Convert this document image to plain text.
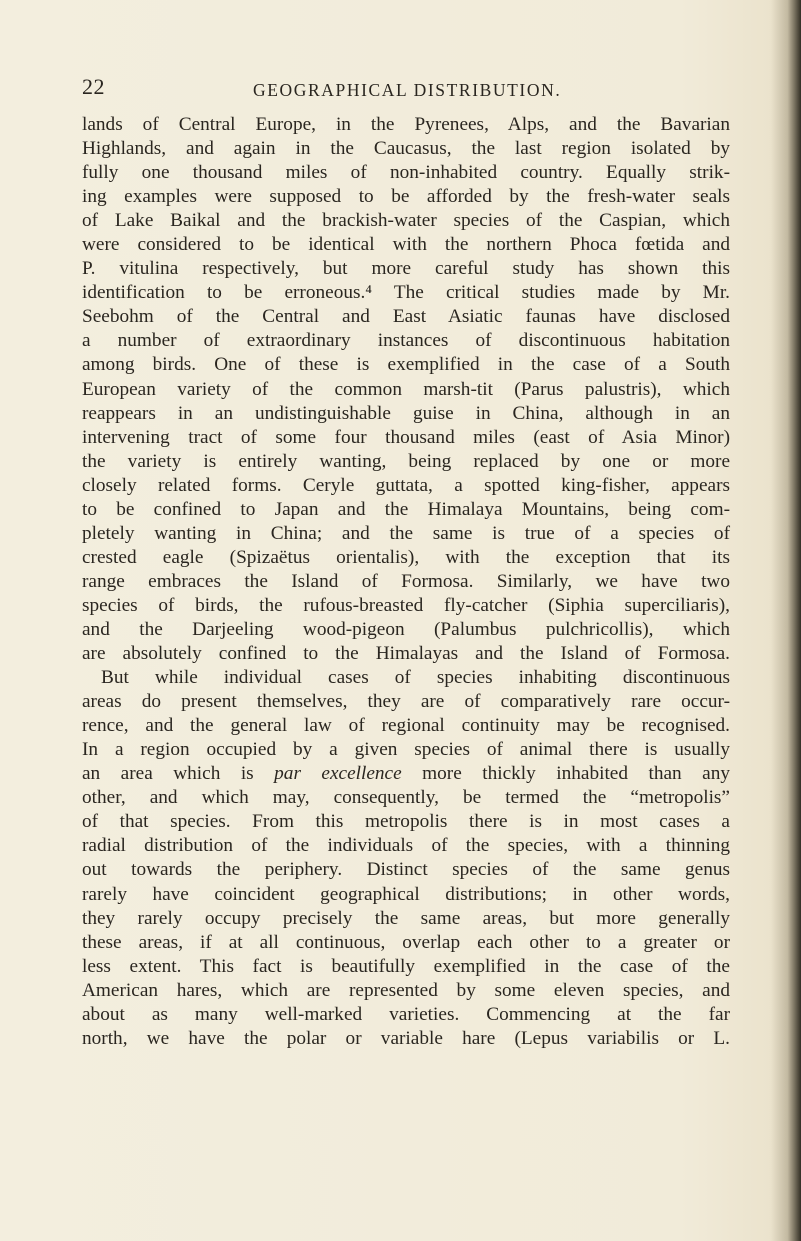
22	GEOGRAPHICAL DISTRIBUTION.
lands of Central Europe, in the Pyrenees, Alps, and the Bavarian
Highlands, and again in the Caucasus, the last region isolated by
fully one thousand miles of non-inhabited country. Equally strik-
ing examples were supposed to be afforded by the fresh-water seals
of Lake Baikal and the brackish-water species of the Caspian, which
were considered to be identical with the northern Phoca fœtida and
P. vitulina respectively, but more careful study has shown this
identification to be erroneous.⁴ The critical studies made by Mr.
Seebohm of the Central and East Asiatic faunas have disclosed
a number of extraordinary instances of discontinuous habitation
among birds. One of these is exemplified in the case of a South
European variety of the common marsh-tit (Parus palustris), which
reappears in an undistinguishable guise in China, although in an
intervening tract of some four thousand miles (east of Asia Minor)
the variety is entirely wanting, being replaced by one or more
closely related forms. Ceryle guttata, a spotted king-fisher, appears
to be confined to Japan and the Himalaya Mountains, being com-
pletely wanting in China; and the same is true of a species of
crested eagle (Spizaëtus orientalis), with the exception that its
range embraces the Island of Formosa. Similarly, we have two
species of birds, the rufous-breasted fly-catcher (Siphia superciliaris),
and the Darjeeling wood-pigeon (Palumbus pulchricollis), which
are absolutely confined to the Himalayas and the Island of Formosa.
But while individual cases of species inhabiting discontinuous
areas do present themselves, they are of comparatively rare occur-
rence, and the general law of regional continuity may be recognised.
In a region occupied by a given species of animal there is usually
an area which is par excellence more thickly inhabited than any
other, and which may, consequently, be termed the “metropolis”
of that species. From this metropolis there is in most cases a
radial distribution of the individuals of the species, with a thinning
out towards the periphery. Distinct species of the same genus
rarely have coincident geographical distributions; in other words,
they rarely occupy precisely the same areas, but more generally
these areas, if at all continuous, overlap each other to a greater or
less extent. This fact is beautifully exemplified in the case of the
American hares, which are represented by some eleven species, and
about as many well-marked varieties. Commencing at the far
north, we have the polar or variable hare (Lepus variabilis or L.
